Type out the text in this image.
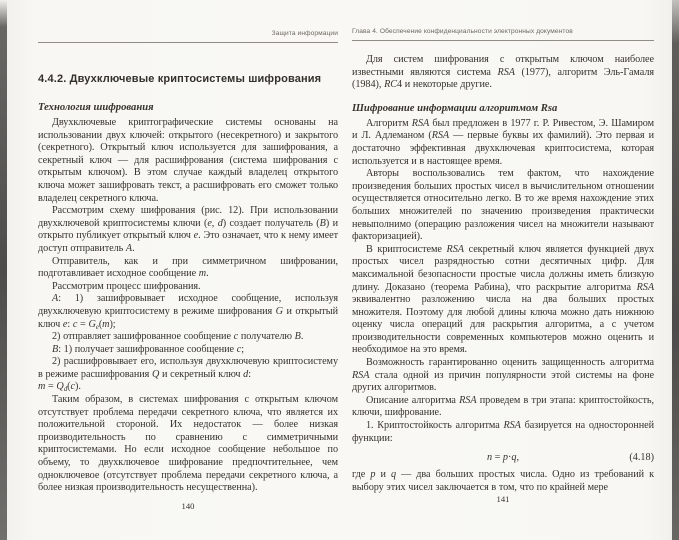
Защита информации
4.4.2. Двухключевые криптосистемы шифрования
Технология шифрования

Двухключевые криптографические системы основаны на использовании двух ключей: открытого (несекретного) и закрытого (секретного). Открытый ключ используется для зашифрования, а секретный ключ — для расшифрования (система шифрования с открытым ключом). В этом случае каждый владелец открытого ключа может зашифровать текст, а расшифровать его сможет только владелец секретного ключа.

Рассмотрим схему шифрования (рис. 12). При использовании двухключевой криптосистемы ключи (e, d) создает получатель (B) и открыто публикует открытый ключ e. Это означает, что к нему имеет доступ отправитель A.

Отправитель, как и при симметричном шифровании, подготавливает исходное сообщение m.

Рассмотрим процесс шифрования.

A: 1) зашифровывает исходное сообщение, используя двухключевую криптосистему в режиме шифрования G и открытый ключ e: $c = G_e(m)$;

2) отправляет зашифрованное сообщение c получателю B.

B: 1) получает зашифрованное сообщение c;

2) расшифровывает его, используя двухключевую криптосистему в режиме расшифрования Q и секретный ключ d:

$m = Q_d(c)$.

Таким образом, в системах шифрования с открытым ключом отсутствует проблема передачи секретного ключа, что является их положительной стороной. Их недостаток — более низкая производительность по сравнению с симметричными криптосистемами. Но если исходное сообщение небольшое по объему, то двухключевое шифрование предпочтительнее, чем одноключевое (отсутствует проблема передачи секретного ключа, а более низкая производительность несущественна).

140
Глава 4. Обеспечение конфиденциальности электронных документов

Для систем шифрования с открытым ключом наиболее известными являются система RSA (1977), алгоритм Эль-Гамаля (1984), RC4 и некоторые другие.

Шифрование информации алгоритмом Rsa

Алгоритм RSA был предложен в 1977 г. Р. Ривестом, Э. Шамиром и Л. Адлеманом (RSA — первые буквы их фамилий). Это первая и достаточно эффективная двухключевая криптосистема, которая используется и в настоящее время.

Авторы воспользовались тем фактом, что нахождение произведения больших простых чисел в вычислительном отношении осуществляется относительно легко. В то же время нахождение этих больших множителей по значению произведения практически невыполнимо (операцию разложения чисел на множители называют факторизацией).

В криптосистеме RSA секретный ключ является функцией двух простых чисел разрядностью сотни десятичных цифр. Для максимальной безопасности простые числа должны иметь близкую длину. Доказано (теорема Рабина), что раскрытие алгоритма RSA эквивалентно разложению числа на два больших простых множителя. Поэтому для любой длины ключа можно дать нижнюю оценку числа операций для раскрытия алгоритма, а с учетом производительности современных компьютеров можно оценить и необходимое на это время.

Возможность гарантированно оценить защищенность алгоритма RSA стала одной из причин популярности этой системы на фоне других алгоритмов.

Описание алгоритма RSA проведем в три этапа: криптостойкость, ключи, шифрование.

1. Криптостойкость алгоритма RSA базируется на односторонней функции:

n = p·q,	(4.18)

где p и q — два больших простых числа. Одно из требований к выбору этих чисел заключается в том, что по крайней мере

141
